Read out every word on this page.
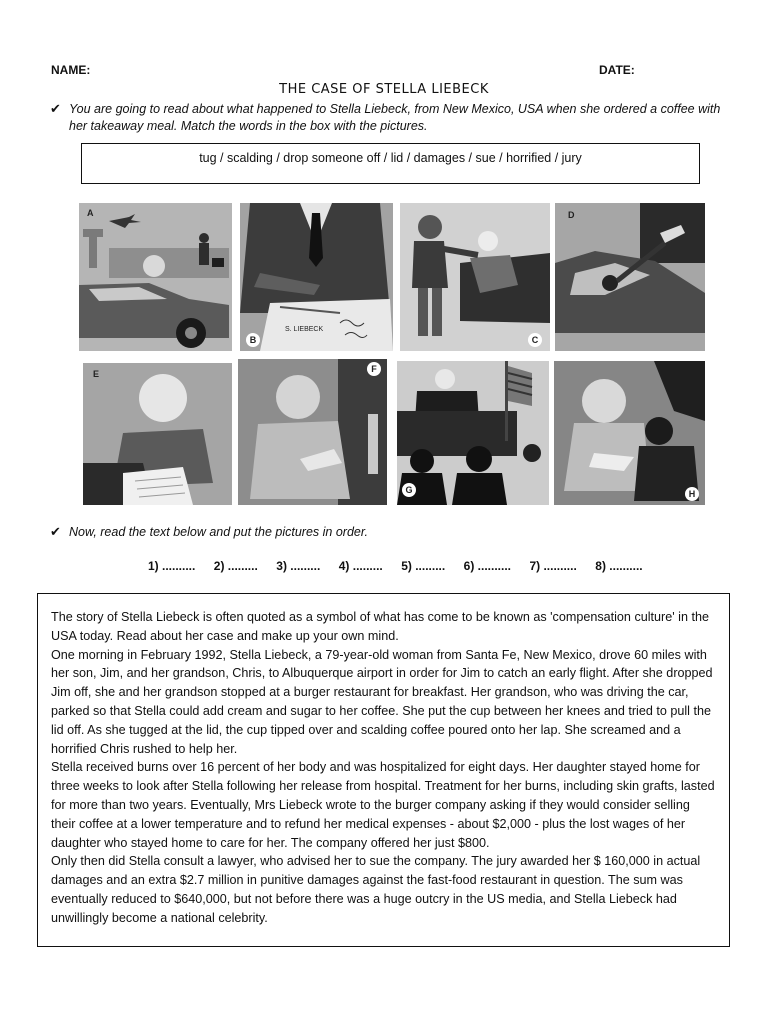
NAME:	DATE:
THE CASE OF STELLA LIEBECK
✔ You are going to read about what happened to Stella Liebeck, from New Mexico, USA when she ordered a coffee with her takeaway meal. Match the words in the box with the pictures.
tug / scalding / drop someone off / lid / damages / sue / horrified / jury
A
S. LIEBECK
B	C
D
E	F
G	H
✔ Now, read the text below and put the pictures in order.
1) .......... 2) ......... 3) ......... 4) ......... 5) ......... 6) .......... 7) .......... 8) ..........

The story of Stella Liebeck is often quoted as a symbol of what has come to be known as 'compensation culture' in the USA today. Read about her case and make up your own mind.

One morning in February 1992, Stella Liebeck, a 79-year-old woman from Santa Fe, New Mexico, drove 60 miles with her son, Jim, and her grandson, Chris, to Albuquerque airport in order for Jim to catch an early flight. After she dropped Jim off, she and her grandson stopped at a burger restaurant for breakfast. Her grandson, who was driving the car, parked so that Stella could add cream and sugar to her coffee. She put the cup between her knees and tried to pull the lid off. As she tugged at the lid, the cup tipped over and scalding coffee poured onto her lap. She screamed and a horrified Chris rushed to help her.

Stella received burns over 16 percent of her body and was hospitalized for eight days. Her daughter stayed home for three weeks to look after Stella following her release from hospital. Treatment for her burns, including skin grafts, lasted for more than two years. Eventually, Mrs Liebeck wrote to the burger company asking if they would consider selling their coffee at a lower temperature and to refund her medical expenses - about $2,000 - plus the lost wages of her daughter who stayed home to care for her. The company offered her just $800.

Only then did Stella consult a lawyer, who advised her to sue the company. The jury awarded her $ 160,000 in actual damages and an extra $2.7 million in punitive damages against the fast-food restaurant in question. The sum was eventually reduced to $640,000, but not before there was a huge outcry in the US media, and Stella Liebeck had unwillingly become a national celebrity.
